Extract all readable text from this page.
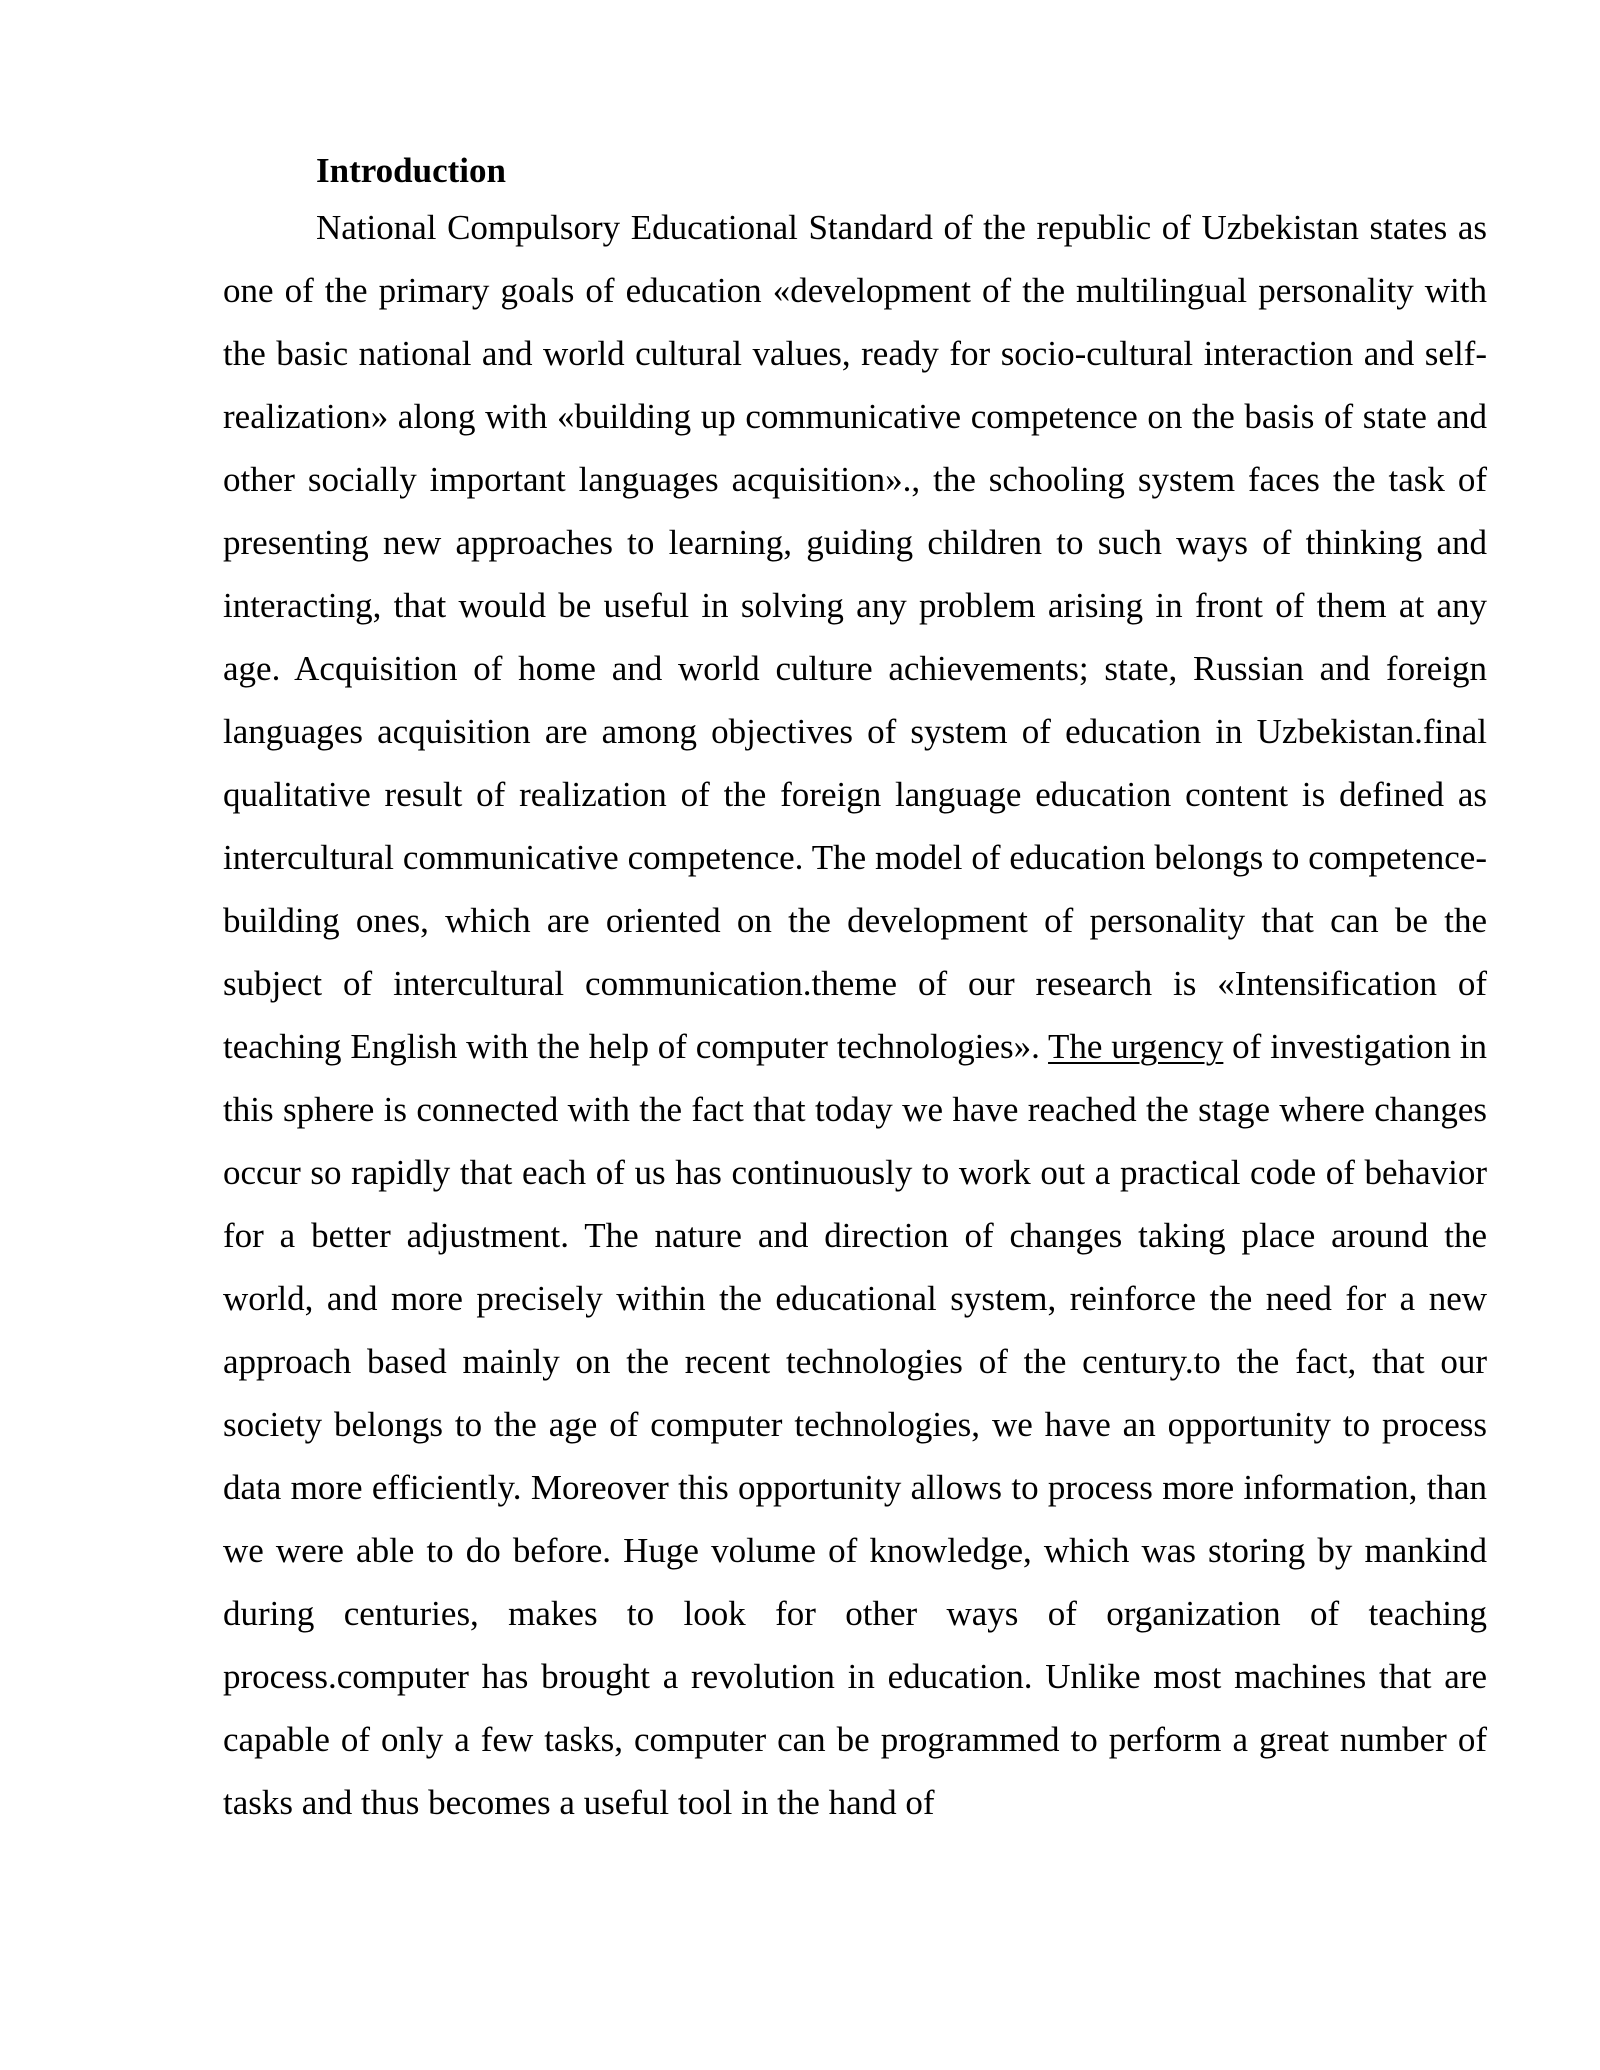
Introduction

National Compulsory Educational Standard of the republic of Uzbekistan states as one of the primary goals of education «development of the multilingual personality with the basic national and world cultural values, ready for socio-cultural interaction and self-realization» along with «building up communicative competence on the basis of state and other socially important languages acquisition»., the schooling system faces the task of presenting new approaches to learning, guiding children to such ways of thinking and interacting, that would be useful in solving any problem arising in front of them at any age. Acquisition of home and world culture achievements; state, Russian and foreign languages acquisition are among objectives of system of education in Uzbekistan.final qualitative result of realization of the foreign language education content is defined as intercultural communicative competence. The model of education belongs to competence-building ones, which are oriented on the development of personality that can be the subject of intercultural communication.theme of our research is «Intensification of teaching English with the help of computer technologies». The urgency of investigation in this sphere is connected with the fact that today we have reached the stage where changes occur so rapidly that each of us has continuously to work out a practical code of behavior for a better adjustment. The nature and direction of changes taking place around the world, and more precisely within the educational system, reinforce the need for a new approach based mainly on the recent technologies of the century.to the fact, that our society belongs to the age of computer technologies, we have an opportunity to process data more efficiently. Moreover this opportunity allows to process more information, than we were able to do before. Huge volume of knowledge, which was storing by mankind during centuries, makes to look for other ways of organization of teaching process.computer has brought a revolution in education. Unlike most machines that are capable of only a few tasks, computer can be programmed to perform a great number of tasks and thus becomes a useful tool in the hand of
